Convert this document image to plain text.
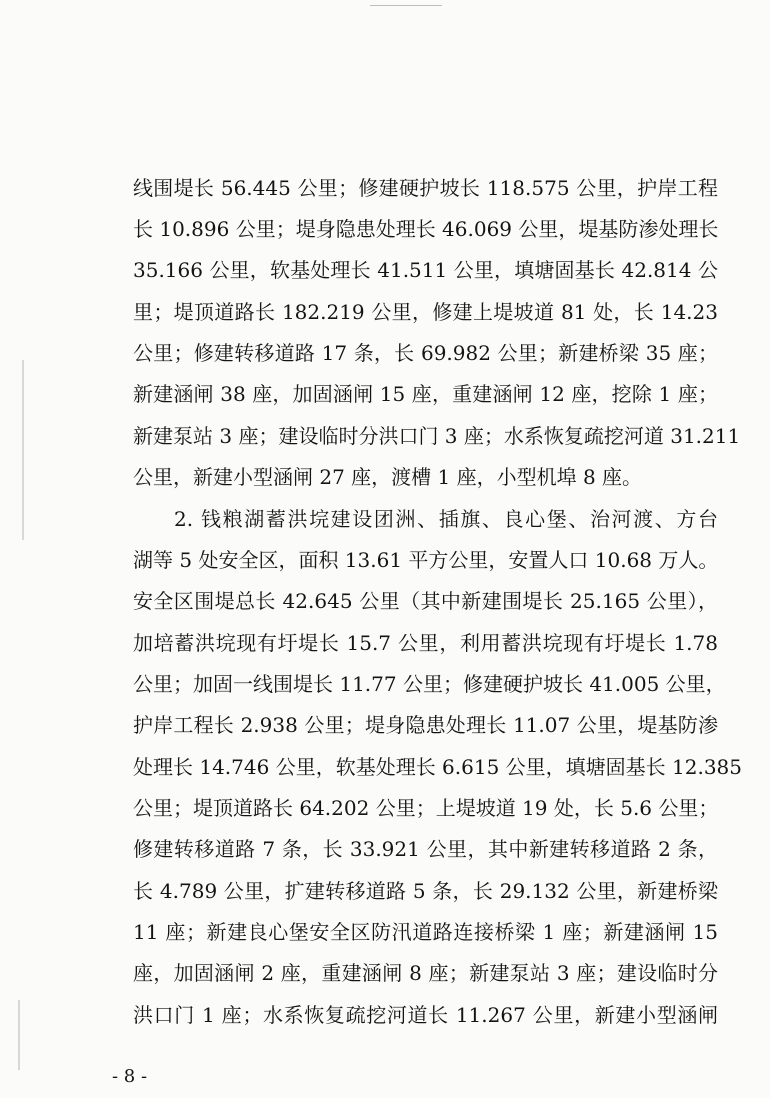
线围堤长 56.445 公里；修建硬护坡长 118.575 公里，护岸工程
长 10.896 公里；堤身隐患处理长 46.069 公里，堤基防渗处理长
35.166 公里，软基处理长 41.511 公里，填塘固基长 42.814 公
里；堤顶道路长 182.219 公里，修建上堤坡道 81 处，长 14.23
公里；修建转移道路 17 条，长 69.982 公里；新建桥梁 35 座；
新建涵闸 38 座，加固涵闸 15 座，重建涵闸 12 座，挖除 1 座；
新建泵站 3 座；建设临时分洪口门 3 座；水系恢复疏挖河道 31.211
公里，新建小型涵闸 27 座，渡槽 1 座，小型机埠 8 座。
2. 钱粮湖蓄洪垸建设团洲、插旗、良心堡、治河渡、方台
湖等 5 处安全区，面积 13.61 平方公里，安置人口 10.68 万人。
安全区围堤总长 42.645 公里（其中新建围堤长 25.165 公里），
加培蓄洪垸现有圩堤长 15.7 公里，利用蓄洪垸现有圩堤长 1.78
公里；加固一线围堤长 11.77 公里；修建硬护坡长 41.005 公里，
护岸工程长 2.938 公里；堤身隐患处理长 11.07 公里，堤基防渗
处理长 14.746 公里，软基处理长 6.615 公里，填塘固基长 12.385
公里；堤顶道路长 64.202 公里；上堤坡道 19 处，长 5.6 公里；
修建转移道路 7 条，长 33.921 公里，其中新建转移道路 2 条，
长 4.789 公里，扩建转移道路 5 条，长 29.132 公里，新建桥梁
11 座；新建良心堡安全区防汛道路连接桥梁 1 座；新建涵闸 15
座，加固涵闸 2 座，重建涵闸 8 座；新建泵站 3 座；建设临时分
洪口门 1 座；水系恢复疏挖河道长 11.267 公里，新建小型涵闸
- 8 -
